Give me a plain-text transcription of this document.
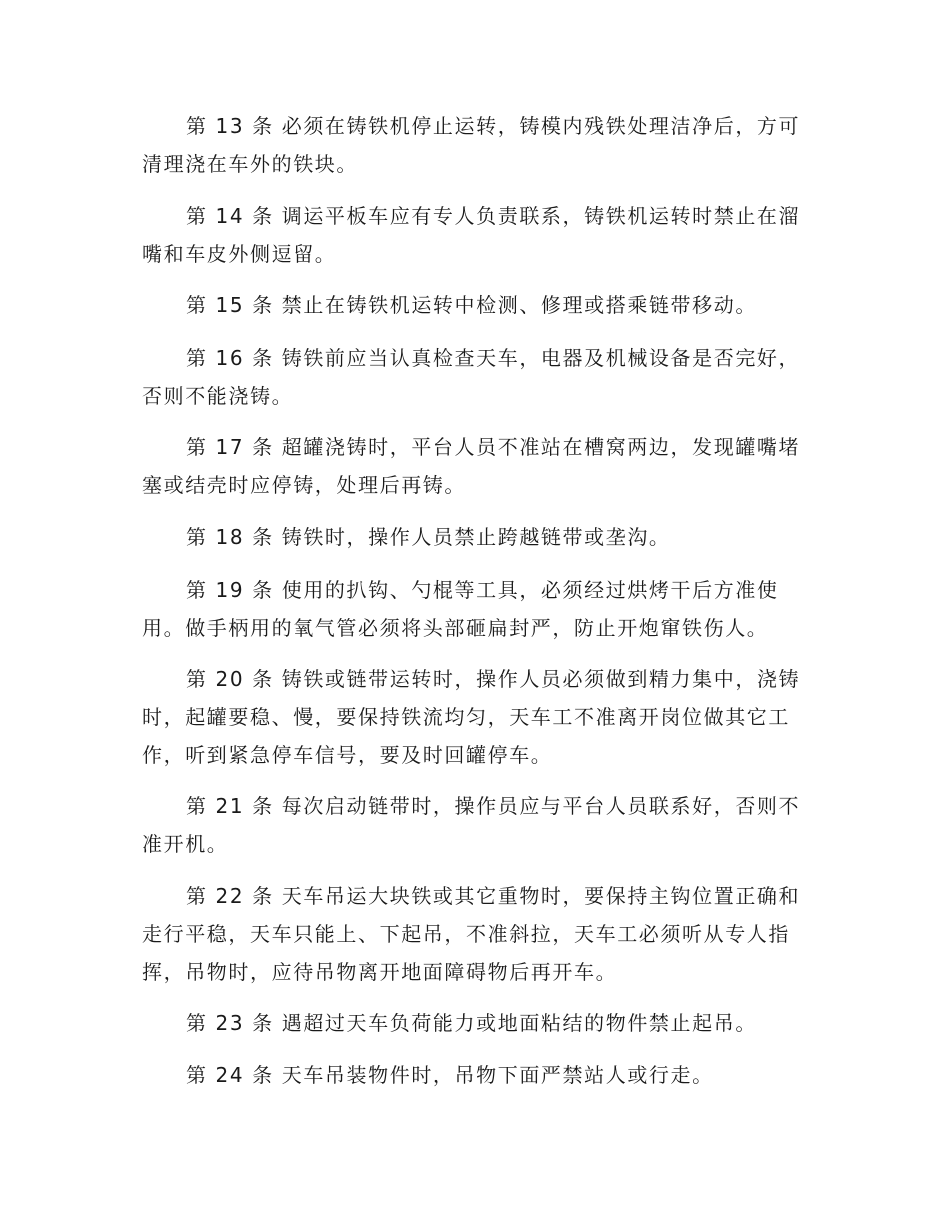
第 13 条 必须在铸铁机停止运转，铸模内残铁处理洁净后，方可
清理浇在车外的铁块。

第 14 条 调运平板车应有专人负责联系，铸铁机运转时禁止在溜
嘴和车皮外侧逗留。

第 15 条 禁止在铸铁机运转中检测、修理或搭乘链带移动。

第 16 条 铸铁前应当认真检查天车，电器及机械设备是否完好，
否则不能浇铸。

第 17 条 超罐浇铸时，平台人员不准站在槽窝两边，发现罐嘴堵
塞或结壳时应停铸，处理后再铸。

第 18 条 铸铁时，操作人员禁止跨越链带或垄沟。

第 19 条 使用的扒钩、勺棍等工具，必须经过烘烤干后方准使
用。做手柄用的氧气管必须将头部砸扁封严，防止开炮窜铁伤人。

第 20 条 铸铁或链带运转时，操作人员必须做到精力集中，浇铸
时，起罐要稳、慢，要保持铁流均匀，天车工不准离开岗位做其它工
作，听到紧急停车信号，要及时回罐停车。

第 21 条 每次启动链带时，操作员应与平台人员联系好，否则不
准开机。

第 22 条 天车吊运大块铁或其它重物时，要保持主钩位置正确和
走行平稳，天车只能上、下起吊，不准斜拉，天车工必须听从专人指
挥，吊物时，应待吊物离开地面障碍物后再开车。

第 23 条 遇超过天车负荷能力或地面粘结的物件禁止起吊。

第 24 条 天车吊装物件时，吊物下面严禁站人或行走。
